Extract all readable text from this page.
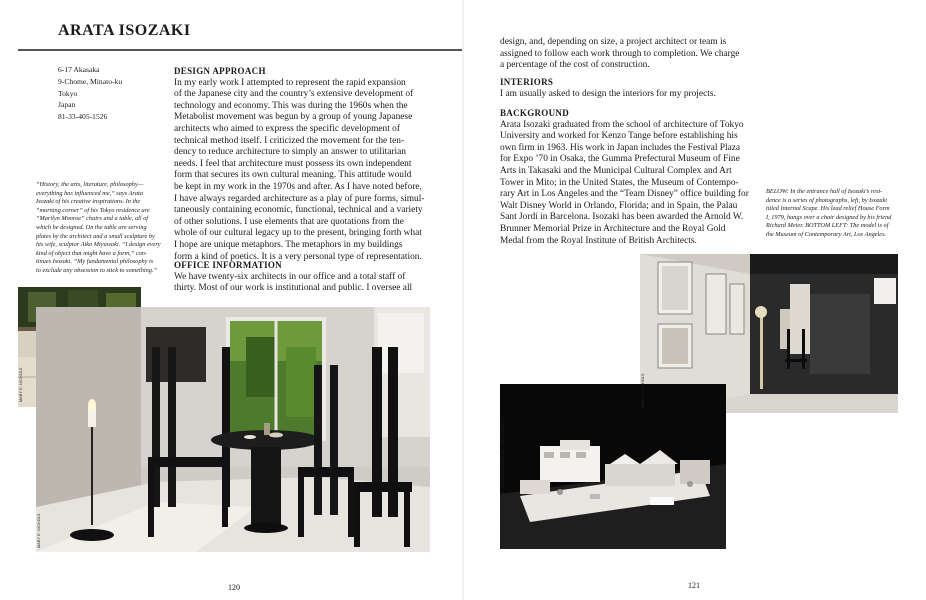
ARATA ISOZAKI
6-17 Akasaka
9-Chome, Minato-ku
Tokyo
Japan
81-33-405-1526
“History, the arts, literature, philosophy—
everything has influenced me,” says Arata
Isozaki of his creative inspirations. In the
“morning corner” of his Tokyo residence are
“Marilyn Monroe” chairs and a table, all of
which he designed. On the table are serving
plates by the architect and a small sculpture by
his wife, sculptor Aiko Miyawaki. “I design every
kind of object that might have a form,” con-
tinues Isozaki. “My fundamental philosophy is
to exclude any obsession to stick to something.”
DESIGN APPROACH

In my early work I attempted to represent the rapid expansion

of the Japanese city and the country’s extensive development of

technology and economy. This was during the 1960s when the

Metabolist movement was begun by a group of young Japanese

architects who aimed to express the specific development of

technical method itself. I criticized the movement for the ten-

dency to reduce architecture to simply an answer to utilitarian

needs. I feel that architecture must possess its own independent

form that secures its own cultural meaning. This attitude would

be kept in my work in the 1970s and after. As I have noted before,

I have always regarded architecture as a play of pure forms, simul-

taneously containing economic, functional, technical and a variety

of other solutions. I use elements that are quotations from the

whole of our cultural legacy up to the present, bringing forth what

I hope are unique metaphors. The metaphors in my buildings

form a kind of poetics. It is a very personal type of representation.

OFFICE INFORMATION

We have twenty-six architects in our office and a total staff of

thirty. Most of our work is institutional and public. I oversee all

MARY E. NICHOLS
MARY E. NICHOLS
120

design, and, depending on size, a project architect or team is

assigned to follow each work through to completion. We charge

a percentage of the cost of construction.

INTERIORS

I am usually asked to design the interiors for my projects.

BACKGROUND

Arata Isozaki graduated from the school of architecture of Tokyo

University and worked for Kenzo Tange before establishing his

own firm in 1963. His work in Japan includes the Festival Plaza

for Expo ’70 in Osaka, the Gumma Prefectural Museum of Fine

Arts in Takasaki and the Municipal Cultural Complex and Art

Tower in Mito; in the United States, the Museum of Contempo-

rary Art in Los Angeles and the “Team Disney” office building for

Walt Disney World in Orlando, Florida; and in Spain, the Palau

Sant Jordi in Barcelona. Isozaki has been awarded the Arnold W.

Brunner Memorial Prize in Architecture and the Royal Gold

Medal from the Royal Institute of British Architects.

BELOW: In the entrance hall of Isozaki’s resi-
dence is a series of photographs, left, by Isozaki
titled Internal Scape. His lead relief House Form
I, 1979, hangs over a chair designed by his friend
Richard Meier. BOTTOM LEFT: The model is of
the Museum of Contemporary Art, Los Angeles.
MARY E. NICHOLS
COURTESY THE MUSEUM OF CONTEMPORARY ART, LOS ANGELES
121
